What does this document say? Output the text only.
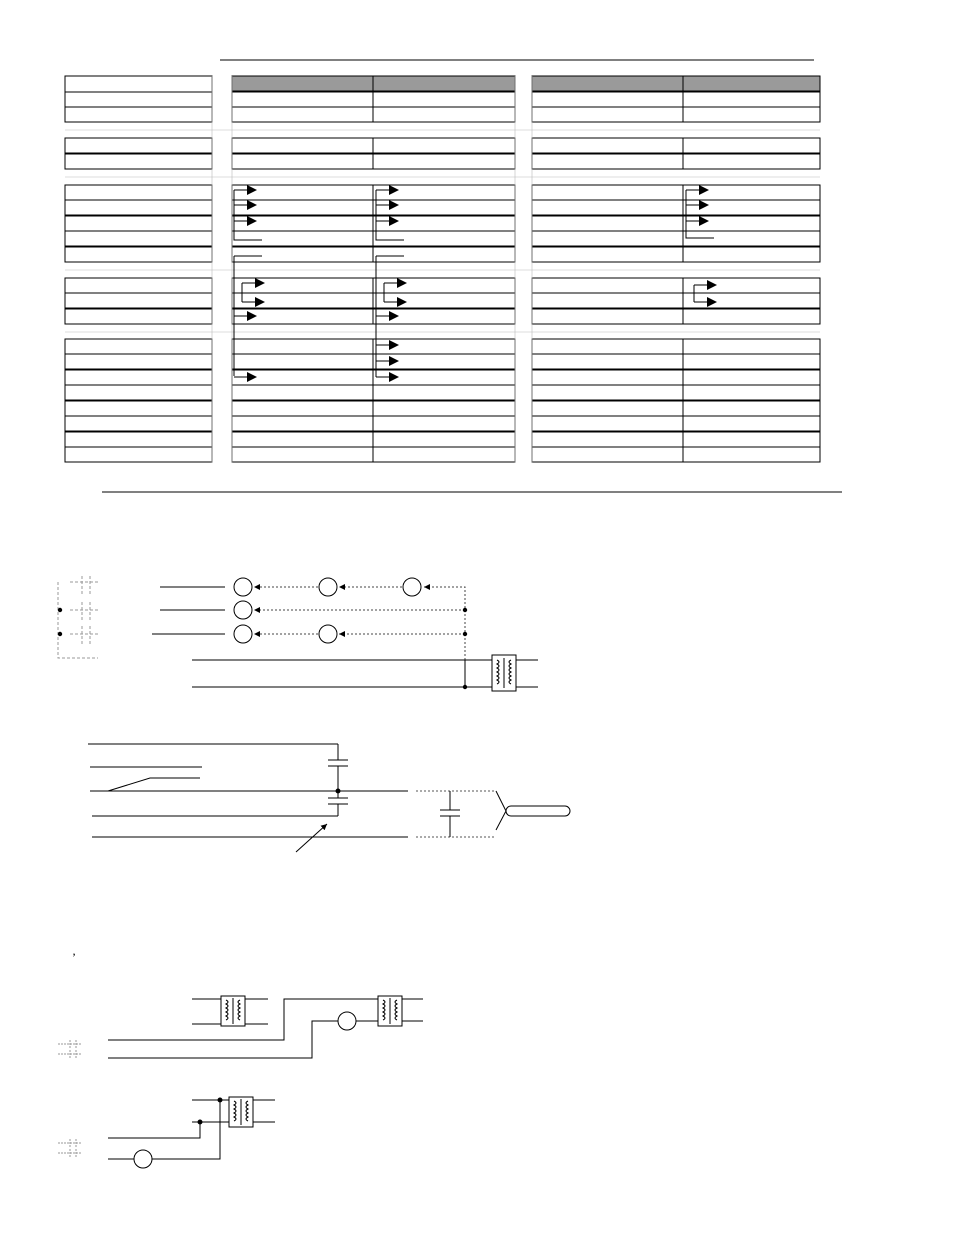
’
